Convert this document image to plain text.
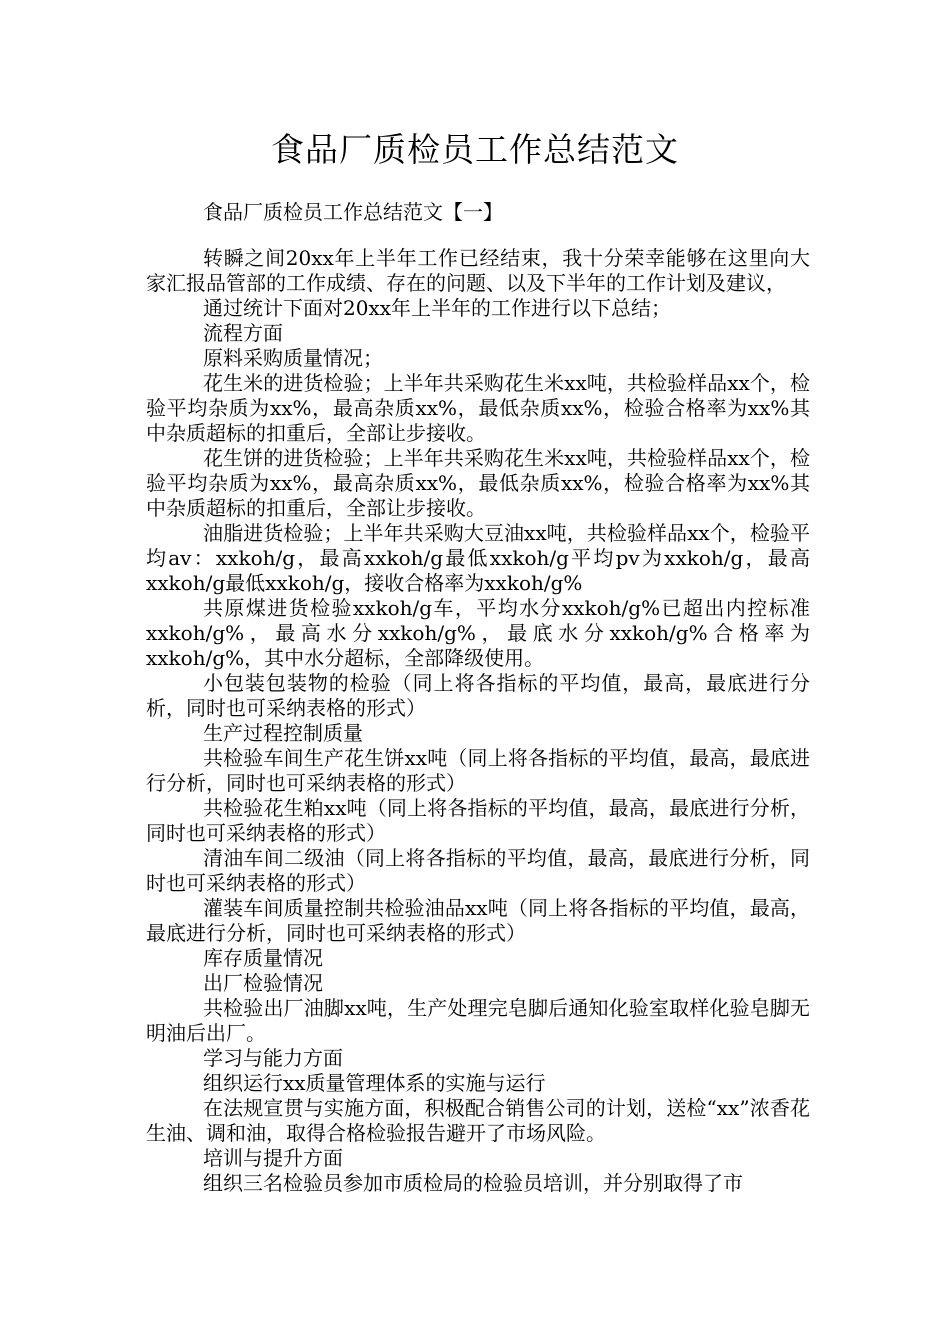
食品厂质检员工作总结范文
食品厂质检员工作总结范文【一】

转瞬之间20xx年上半年工作已经结束，我十分荣幸能够在这里向大家汇报品管部的工作成绩、存在的问题、以及下半年的工作计划及建议，

通过统计下面对20xx年上半年的工作进行以下总结；

流程方面

原料采购质量情况；

花生米的进货检验；上半年共采购花生米xx吨，共检验样品xx个，检验平均杂质为xx%，最高杂质xx%，最低杂质xx%，检验合格率为xx%其中杂质超标的扣重后，全部让步接收。

花生饼的进货检验；上半年共采购花生米xx吨，共检验样品xx个，检验平均杂质为xx%，最高杂质xx%，最低杂质xx%，检验合格率为xx%其中杂质超标的扣重后，全部让步接收。

油脂进货检验；上半年共采购大豆油xx吨，共检验样品xx个，检验平均av：xxkoh/g，最高xxkoh/g最低xxkoh/g平均pv为xxkoh/g，最高xxkoh/g最低xxkoh/g，接收合格率为xxkoh/g%

共原煤进货检验xxkoh/g车，平均水分xxkoh/g%已超出内控标准xxkoh/g%，最高水分xxkoh/g%，最底水分xxkoh/g%合格率为xxkoh/g%，其中水分超标，全部降级使用。

小包装包装物的检验（同上将各指标的平均值，最高，最底进行分析，同时也可采纳表格的形式）

生产过程控制质量

共检验车间生产花生饼xx吨（同上将各指标的平均值，最高，最底进行分析，同时也可采纳表格的形式）

共检验花生粕xx吨（同上将各指标的平均值，最高，最底进行分析，同时也可采纳表格的形式）

清油车间二级油（同上将各指标的平均值，最高，最底进行分析，同时也可采纳表格的形式）

灌装车间质量控制共检验油品xx吨（同上将各指标的平均值，最高，最底进行分析，同时也可采纳表格的形式）

库存质量情况

出厂检验情况

共检验出厂油脚xx吨，生产处理完皂脚后通知化验室取样化验皂脚无明油后出厂。

学习与能力方面

组织运行xx质量管理体系的实施与运行

在法规宣贯与实施方面，积极配合销售公司的计划，送检“xx”浓香花生油、调和油，取得合格检验报告避开了市场风险。

培训与提升方面

组织三名检验员参加市质检局的检验员培训，并分别取得了市
